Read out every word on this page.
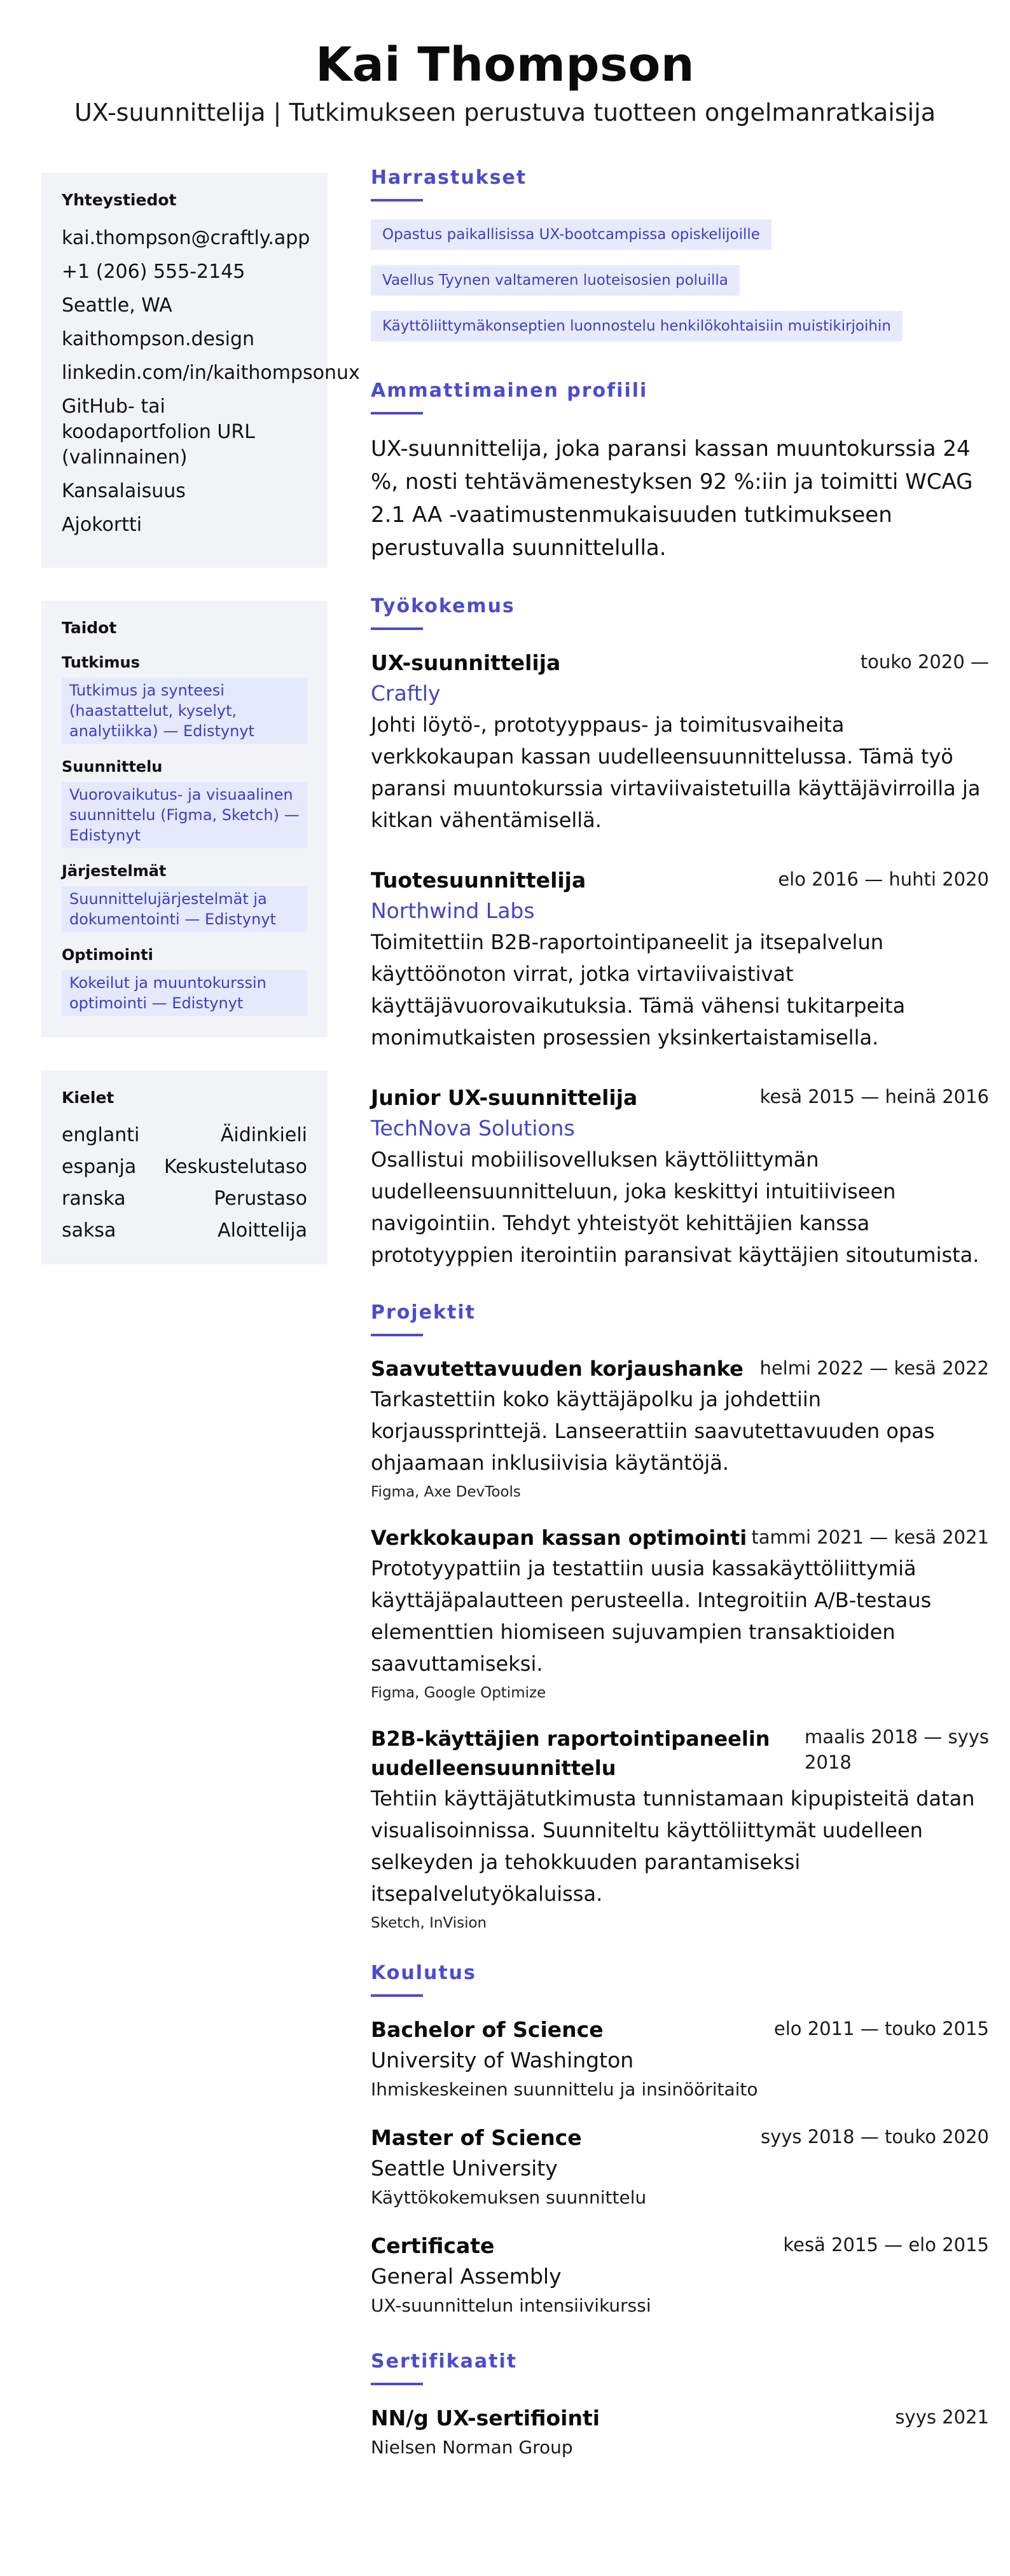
Kai Thompson
UX-suunnittelija | Tutkimukseen perustuva tuotteen ongelmanratkaisija
Yhteystiedot
kai.thompson@craftly.app
+1 (206) 555-2145
Seattle, WA
kaithompson.design
linkedin.com/in/kaithompsonux
GitHub- tai koodaportfolion URL (valinnainen)
Kansalaisuus
Ajokortti
Taidot
Tutkimus
Tutkimus ja synteesi (haastattelut, kyselyt, analytiikka) — Edistynyt
Suunnittelu
Vuorovaikutus- ja visuaalinen suunnittelu (Figma, Sketch) — Edistynyt
Järjestelmät
Suunnittelujärjestelmät ja dokumentointi — Edistynyt
Optimointi
Kokeilut ja muuntokurssin optimointi — Edistynyt
Kielet
englanti	Äidinkieli
espanja Keskustelutaso
ranska	Perustaso
saksa	Aloittelija
Harrastukset
Opastus paikallisissa UX-bootcampissa opiskelijoille
Vaellus Tyynen valtameren luoteisosien poluilla
Käyttöliittymäkonseptien luonnostelu henkilökohtaisiin muistikirjoihin
Ammattimainen profiili
UX-suunnittelija, joka paransi kassan muuntokurssia 24 %, nosti tehtävämenestyksen 92 %:iin ja toimitti WCAG 2.1 AA -vaatimustenmukaisuuden tutkimukseen perustuvalla suunnittelulla.
Työkokemus
UX-suunnittelija	touko 2020 —
Craftly
Johti löytö-, prototyyppaus- ja toimitusvaiheita verkkokaupan kassan uudelleensuunnittelussa. Tämä työ paransi muuntokurssia virtaviivaistetuilla käyttäjävirroilla ja kitkan vähentämisellä.
Tuotesuunnittelija	elo 2016 — huhti 2020
Northwind Labs
Toimitettiin B2B-raportointipaneelit ja itsepalvelun käyttöönoton virrat, jotka virtaviivaistivat käyttäjävuorovaikutuksia. Tämä vähensi tukitarpeita monimutkaisten prosessien yksinkertaistamisella.
Junior UX-suunnittelija	kesä 2015 — heinä 2016
TechNova Solutions
Osallistui mobiilisovelluksen käyttöliittymän uudelleensuunnitteluun, joka keskittyi intuitiiviseen navigointiin. Tehdyt yhteistyöt kehittäjien kanssa prototyyppien iterointiin paransivat käyttäjien sitoutumista.
Projektit
Saavutettavuuden korjaushanke helmi 2022 — kesä 2022
Tarkastettiin koko käyttäjäpolku ja johdettiin korjaussprinttejä. Lanseerattiin saavutettavuuden opas ohjaamaan inklusiivisia käytäntöjä.
Figma, Axe DevTools
Verkkokaupan kassan optimointi tammi 2021 — kesä 2021
Prototyypattiin ja testattiin uusia kassakäyttöliittymiä käyttäjäpalautteen perusteella. Integroitiin A/B-testaus elementtien hiomiseen sujuvampien transaktioiden saavuttamiseksi.
Figma, Google Optimize
B2B-käyttäjien raportointipaneelin uudelleensuunnittelu
maalis 2018 — syys 2018
Tehtiin käyttäjätutkimusta tunnistamaan kipupisteitä datan visualisoinnissa. Suunniteltu käyttöliittymät uudelleen selkeyden ja tehokkuuden parantamiseksi itsepalvelutyökaluissa.
Sketch, InVision
Koulutus
Bachelor of Science	elo 2011 — touko 2015
University of Washington
Ihmiskeskeinen suunnittelu ja insinööritaito
Master of Science	syys 2018 — touko 2020
Seattle University
Käyttökokemuksen suunnittelu
Certificate	kesä 2015 — elo 2015
General Assembly
UX-suunnittelun intensiivikurssi
Sertifikaatit
NN/g UX-sertifiointi	syys 2021
Nielsen Norman Group
